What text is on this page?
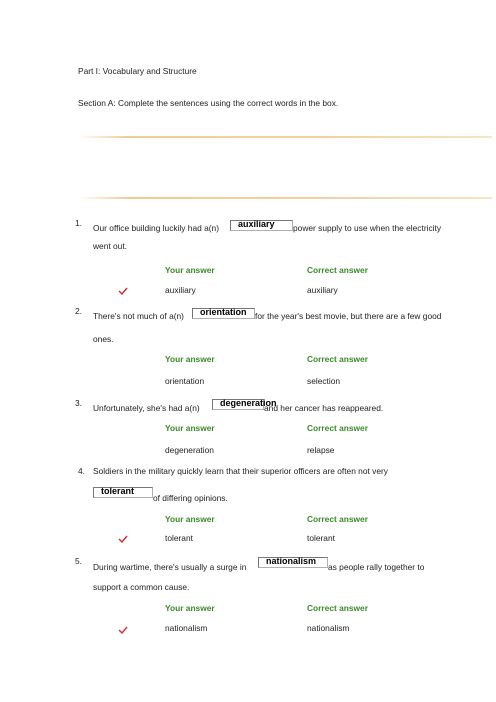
Part I: Vocabulary and Structure
Section A: Complete the sentences using the correct words in the box.
1. Our office building luckily had a(n) auxiliary power supply to use when the electricity
went out.
Your answer	Correct answer
auxiliary	auxiliary
2. There's not much of a(n) orientation for the year's best movie, but there are a few good
ones.
Your answer	Correct answer
orientation	selection
3. Unfortunately, she's had a(n) degeneration
and her cancer has reappeared.
Your answer	Correct answer
degeneration	relapse
4. Soldiers in the military quickly learn that their superior officers are often not very
tolerant
of differing opinions.
Your answer	Correct answer
tolerant	tolerant
5.
During wartime, there's usually a surge in
nationalism
as people rally together to
support a common cause.
Your answer	Correct answer
nationalism	nationalism
